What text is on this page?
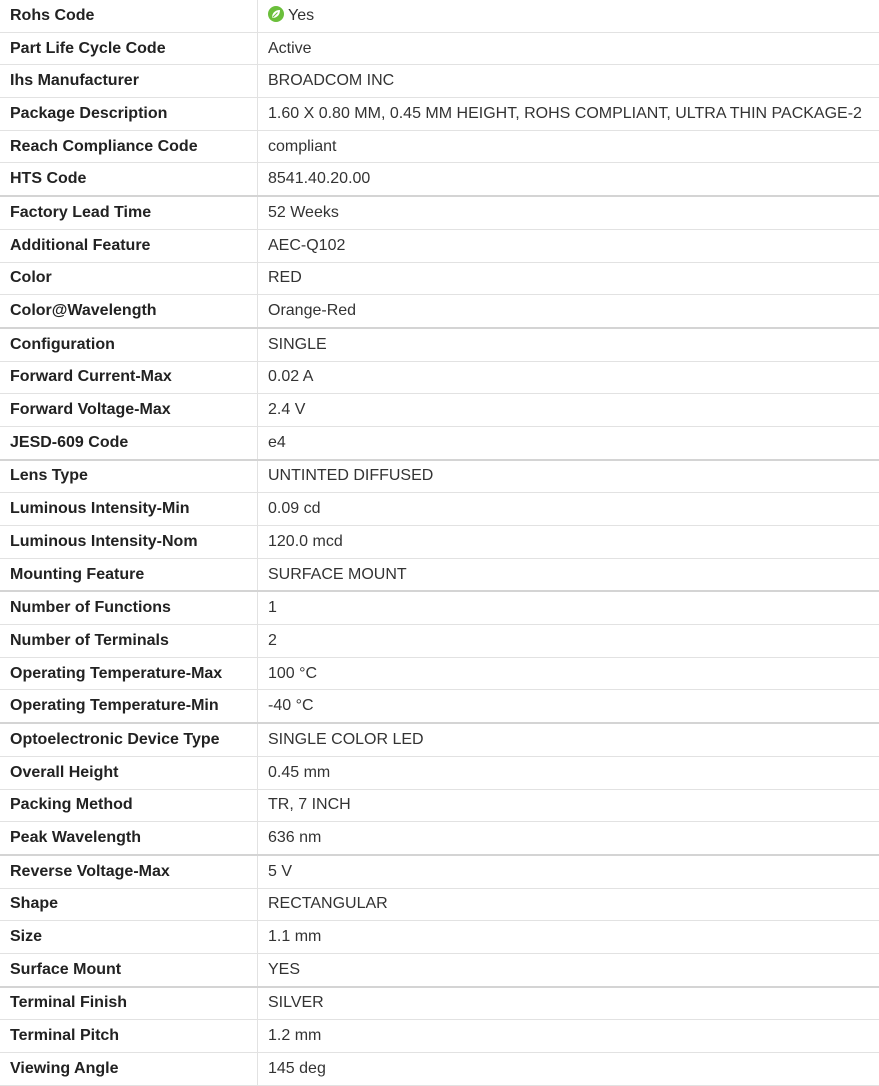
Rohs Code	Yes
Part Life Cycle Code	Active
Ihs Manufacturer	BROADCOM INC
Package Description	1.60 X 0.80 MM, 0.45 MM HEIGHT, ROHS COMPLIANT, ULTRA THIN PACKAGE-2
Reach Compliance Code	compliant
HTS Code	8541.40.20.00
Factory Lead Time	52 Weeks
Additional Feature	AEC-Q102
Color	RED
Color@Wavelength	Orange-Red
Configuration	SINGLE
Forward Current-Max	0.02 A
Forward Voltage-Max	2.4 V
JESD-609 Code	e4
Lens Type	UNTINTED DIFFUSED
Luminous Intensity-Min	0.09 cd
Luminous Intensity-Nom	120.0 mcd
Mounting Feature	SURFACE MOUNT
Number of Functions	1
Number of Terminals	2
Operating Temperature-Max	100 °C
Operating Temperature-Min	-40 °C
Optoelectronic Device Type	SINGLE COLOR LED
Overall Height	0.45 mm
Packing Method	TR, 7 INCH
Peak Wavelength	636 nm
Reverse Voltage-Max	5 V
Shape	RECTANGULAR
Size	1.1 mm
Surface Mount	YES
Terminal Finish	SILVER
Terminal Pitch	1.2 mm
Viewing Angle	145 deg
